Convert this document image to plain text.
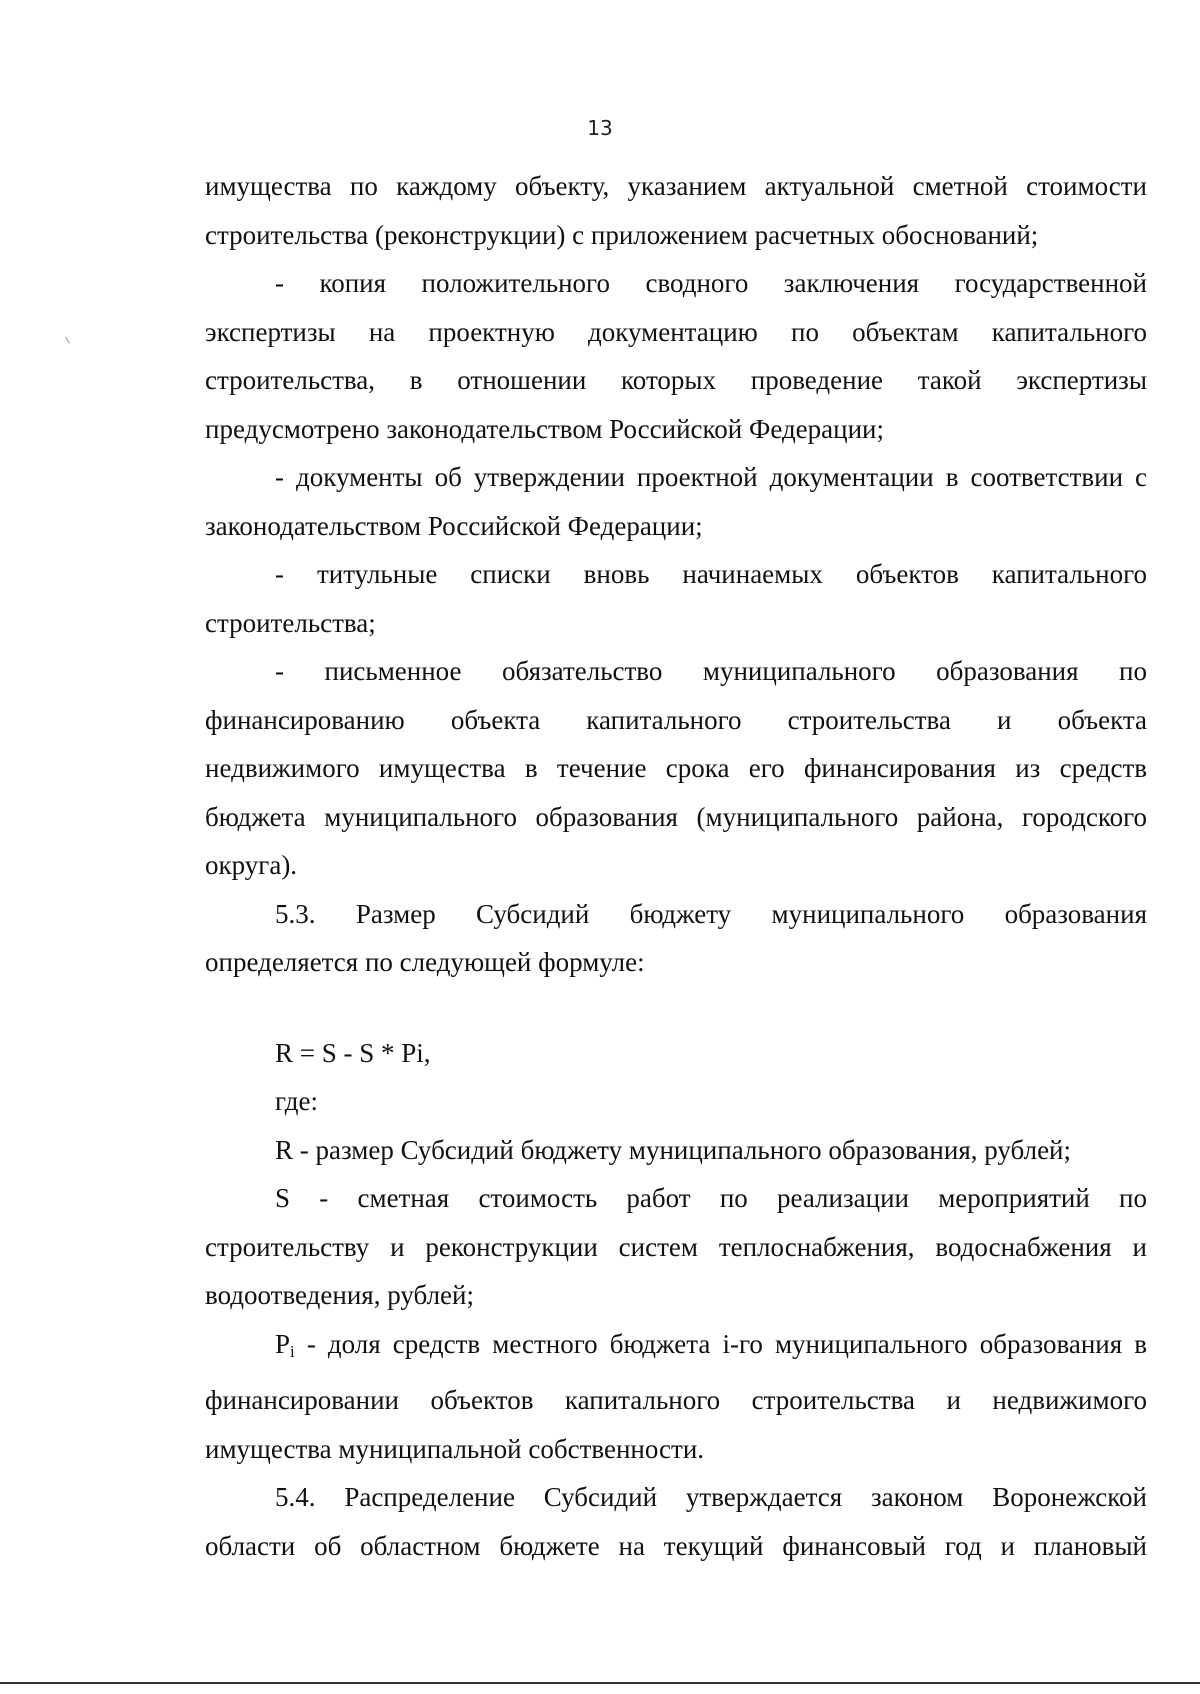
13

имущества по каждому объекту, указанием актуальной сметной стоимости

строительства (реконструкции) с приложением расчетных обоснований;

- копия положительного сводного заключения государственной

экспертизы на проектную документацию по объектам капитального

строительства, в отношении которых проведение такой экспертизы

предусмотрено законодательством Российской Федерации;

- документы об утверждении проектной документации в соответствии с

законодательством Российской Федерации;

- титульные списки вновь начинаемых объектов капитального

строительства;

- письменное обязательство муниципального образования по

финансированию объекта капитального строительства и объекта

недвижимого имущества в течение срока его финансирования из средств

бюджета муниципального образования (муниципального района, городского

округа).

5.3. Размер Субсидий бюджету муниципального образования

определяется по следующей формуле:

R = S - S * Pi,

где:

R - размер Субсидий бюджету муниципального образования, рублей;

S - сметная стоимость работ по реализации мероприятий по

строительству и реконструкции систем теплоснабжения, водоснабжения и

водоотведения, рублей;

$P_i$ - доля средств местного бюджета i-го муниципального образования в

финансировании объектов капитального строительства и недвижимого

имущества муниципальной собственности.

5.4. Распределение Субсидий утверждается законом Воронежской

области об областном бюджете на текущий финансовый год и плановый
